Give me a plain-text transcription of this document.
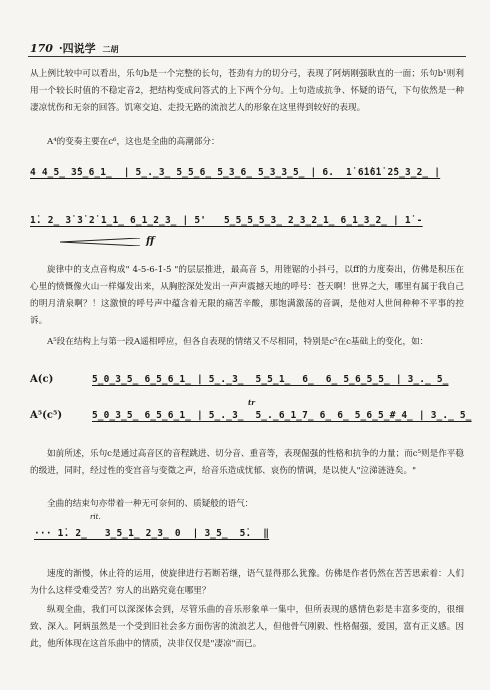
170 ·四说学 二胡
从上例比较中可以看出，乐句b是一个完整的长句，苍劲有力的切分弓，表现了阿炳刚强耿直的一面；乐句b¹则利用一个较长时值的不稳定音2̇，把结构变成问答式的上下两个分句。上句造成抗争、怀疑的语气，下句依然是一种凄凉忧伤和无奈的回答。饥寒交迫、走投无路的流浪艺人的形象在这里得到较好的表现。
A⁴的变奏主要在c⁶，这也是全曲的高潮部分：
4 4̲5̲ 3̇5̲6̲1̲  | 5̲.̲3̲ 5̲5̲6̲ 5̲3̲6̲ 5̲3̲3̲5̲ | 6.  1̇ 6̇1̇6̇1̇ 2̇5̲3̲2̲ |
1̇. 2̲ 3̇ 3̇ 2̇ 1̲1̲ 6̲1̲2̲3̲ | 5'   5̲5̲5̲5̲3̲ 2̲3̲2̲1̲ 6̲1̲3̲2̲ | 1̇ -
ff
旋律中的支点音构成" 4-5-6-1̇-5̇ "的层层推进，最高音 5̇，用锉锯的小抖弓，以ff的力度奏出，仿佛是积压在心里的愤慨像火山一样爆发出来，从胸腔深处发出一声声震撼天地的呼号：苍天啊！世界之大，哪里有属于我自己的明月清泉啊？！这激愤的呼号声中蕴含着无限的痛苦辛酸，那饱满激荡的音调，是他对人世间种种不平事的控诉。
A⁵段在结构上与第一段A遥相呼应，但各自表现的情绪又不尽相同，特别是c⁵在c基础上的变化，如：
A(c)	5̲0̲3̲5̲ 6̲5̲6̲1̲ | 5̲.̲3̲  5̲5̲1̲  6̲  6̲ 5̲6̲5̲5̲ | 3̲.̲ 5̲
tr
A⁵(c⁵)	5̲0̲3̲5̲ 6̲5̲6̲1̲ | 5̲.̲3̲  5̲.̲6̲1̲7̲ 6̲ 6̲ 5̲6̲5̲#̲4̲ | 3̲.̲ 5̲
如前所述，乐句c是通过高音区的音程跳进、切分音、重音等，表现倔强的性格和抗争的力量；而c⁵则是作平稳的级进，同时，经过性的变宫音与变徵之声，给音乐造成忧郁、哀伤的情调，是以使人"泣涕涟涟矣。"
全曲的结束句亦带着一种无可奈何的、质疑般的语气：
rit.
··· 1̇. 2̲   3̲5̲1̲ 2̲3̲ 0  | 3̲5̲  5̇.  ‖
速度的渐慢，休止符的运用，使旋律进行若断若继，语气显得那么犹豫。仿佛是作者仍然在苦苦思索着：人们为什么这样受难受苦？穷人的出路究竟在哪里？
纵观全曲，我们可以深深体会到，尽管乐曲的音乐形象单一集中，但所表现的感情色彩是丰富多变的，很细致、深入。阿炳虽然是一个受到旧社会多方面伤害的流浪艺人，但他骨气刚毅、性格倔强，爱国，富有正义感。因此，他所体现在这首乐曲中的情质，决非仅仅是"凄凉"而已。
